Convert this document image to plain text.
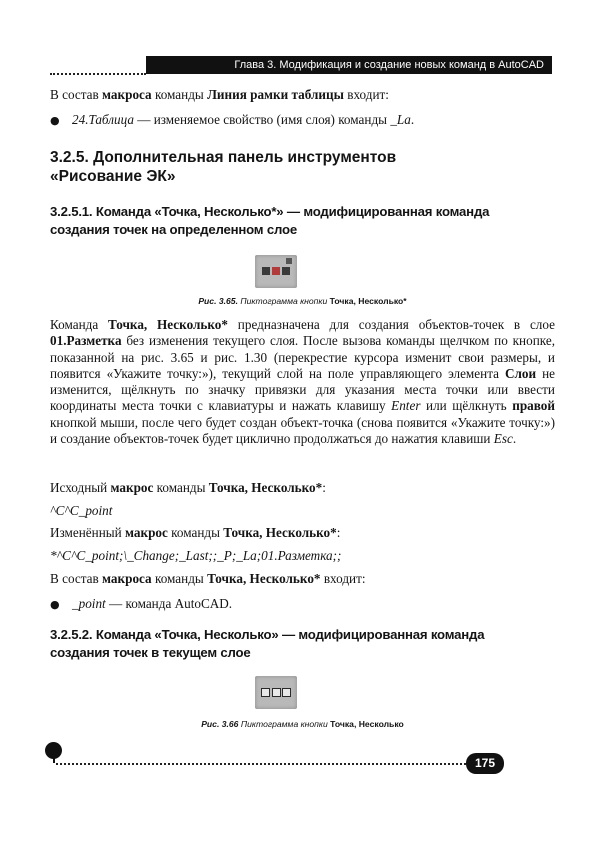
Глава 3. Модификация и создание новых команд в AutoCAD

В состав макроса команды Линия рамки таблицы входит:

● 24.Таблица — изменяемое свойство (имя слоя) команды _La.
3.2.5. Дополнительная панель инструментов
«Рисование ЭК»
3.2.5.1. Команда «Точка, Несколько*» — модифицированная команда
создания точек на определенном слое
Рис. 3.65. Пиктограмма кнопки Точка, Несколько*

Команда Точка, Несколько* предназначена для создания объектов-точек в слое 01.Разметка без изменения текущего слоя. После вызова команды щелчком по кнопке, показанной на рис. 3.65 и рис. 1.30 (перекрестие курсора изменит свои размеры, и появится «Укажите точку:»), текущий слой на поле управляющего элемента Слои не изменится, щёлкнуть по значку привязки для указания места точки или ввести координаты места точки с клавиатуры и нажать клавишу Enter или щёлкнуть правой кнопкой мыши, после чего будет создан объект-точка (снова появится «Укажите точку:») и создание объектов-точек будет циклично продолжаться до нажатия клавиши Esc.

Исходный макрос команды Точка, Несколько*:

^C^C_point

Изменённый макрос команды Точка, Несколько*:

*^C^C_point;\_Change;_Last;;_P;_La;01.Разметка;;

В состав макроса команды Точка, Несколько* входит:

● _point — команда AutoCAD.
3.2.5.2. Команда «Точка, Несколько» — модифицированная команда
создания точек в текущем слое
Рис. 3.66 Пиктограмма кнопки Точка, Несколько
175
